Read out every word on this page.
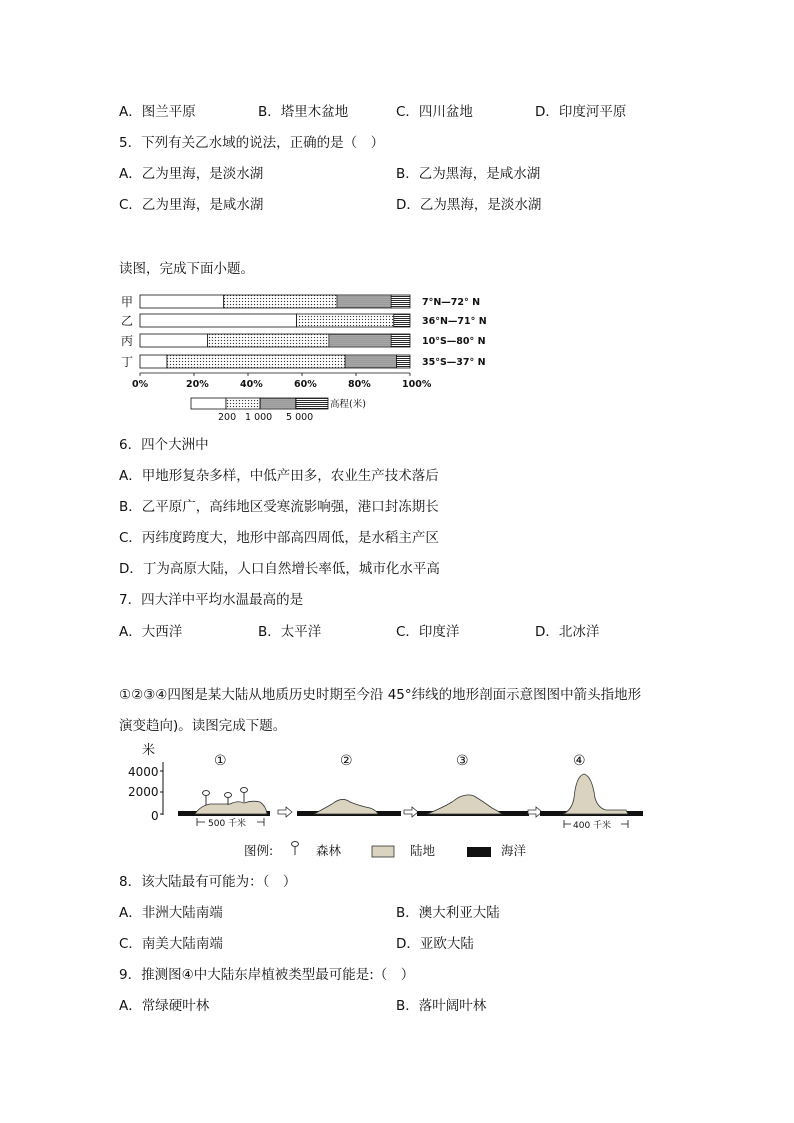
A．图兰平原	B．塔里木盆地	C．四川盆地	D．印度河平原
5．下列有关乙水域的说法，正确的是（　）
A．乙为里海，是淡水湖	B．乙为黑海，是咸水湖
C．乙为里海，是咸水湖	D．乙为黑海，是淡水湖
读图，完成下面小题。
甲	7°N—72° N
乙	36°N—71° N
丙	10°S—80° N
丁	35°S—37° N
0%	20%	40%	60%	80%	100%
高程(米)
200 1 000 5 000
6．四个大洲中
A．甲地形复杂多样，中低产田多，农业生产技术落后
B．乙平原广，高纬地区受寒流影响强，港口封冻期长
C．丙纬度跨度大，地形中部高四周低，是水稻主产区
D．丁为高原大陆，人口自然增长率低，城市化水平高
7．四大洋中平均水温最高的是
A．大西洋	B．太平洋	C．印度洋	D．北冰洋
①②③④四图是某大陆从地质历史时期至今沿 45°纬线的地形剖面示意图图中箭头指地形
演变趋向)。读图完成下题。
米
4000
2000
0
①
500 千米
②	③	④
400 千米
图例:	森林	陆地	海洋
8．该大陆最有可能为：（　）
A．非洲大陆南端	B．澳大利亚大陆
C．南美大陆南端	D．亚欧大陆
9．推测图④中大陆东岸植被类型最可能是:（　）
A．常绿硬叶林	B．落叶阔叶林
